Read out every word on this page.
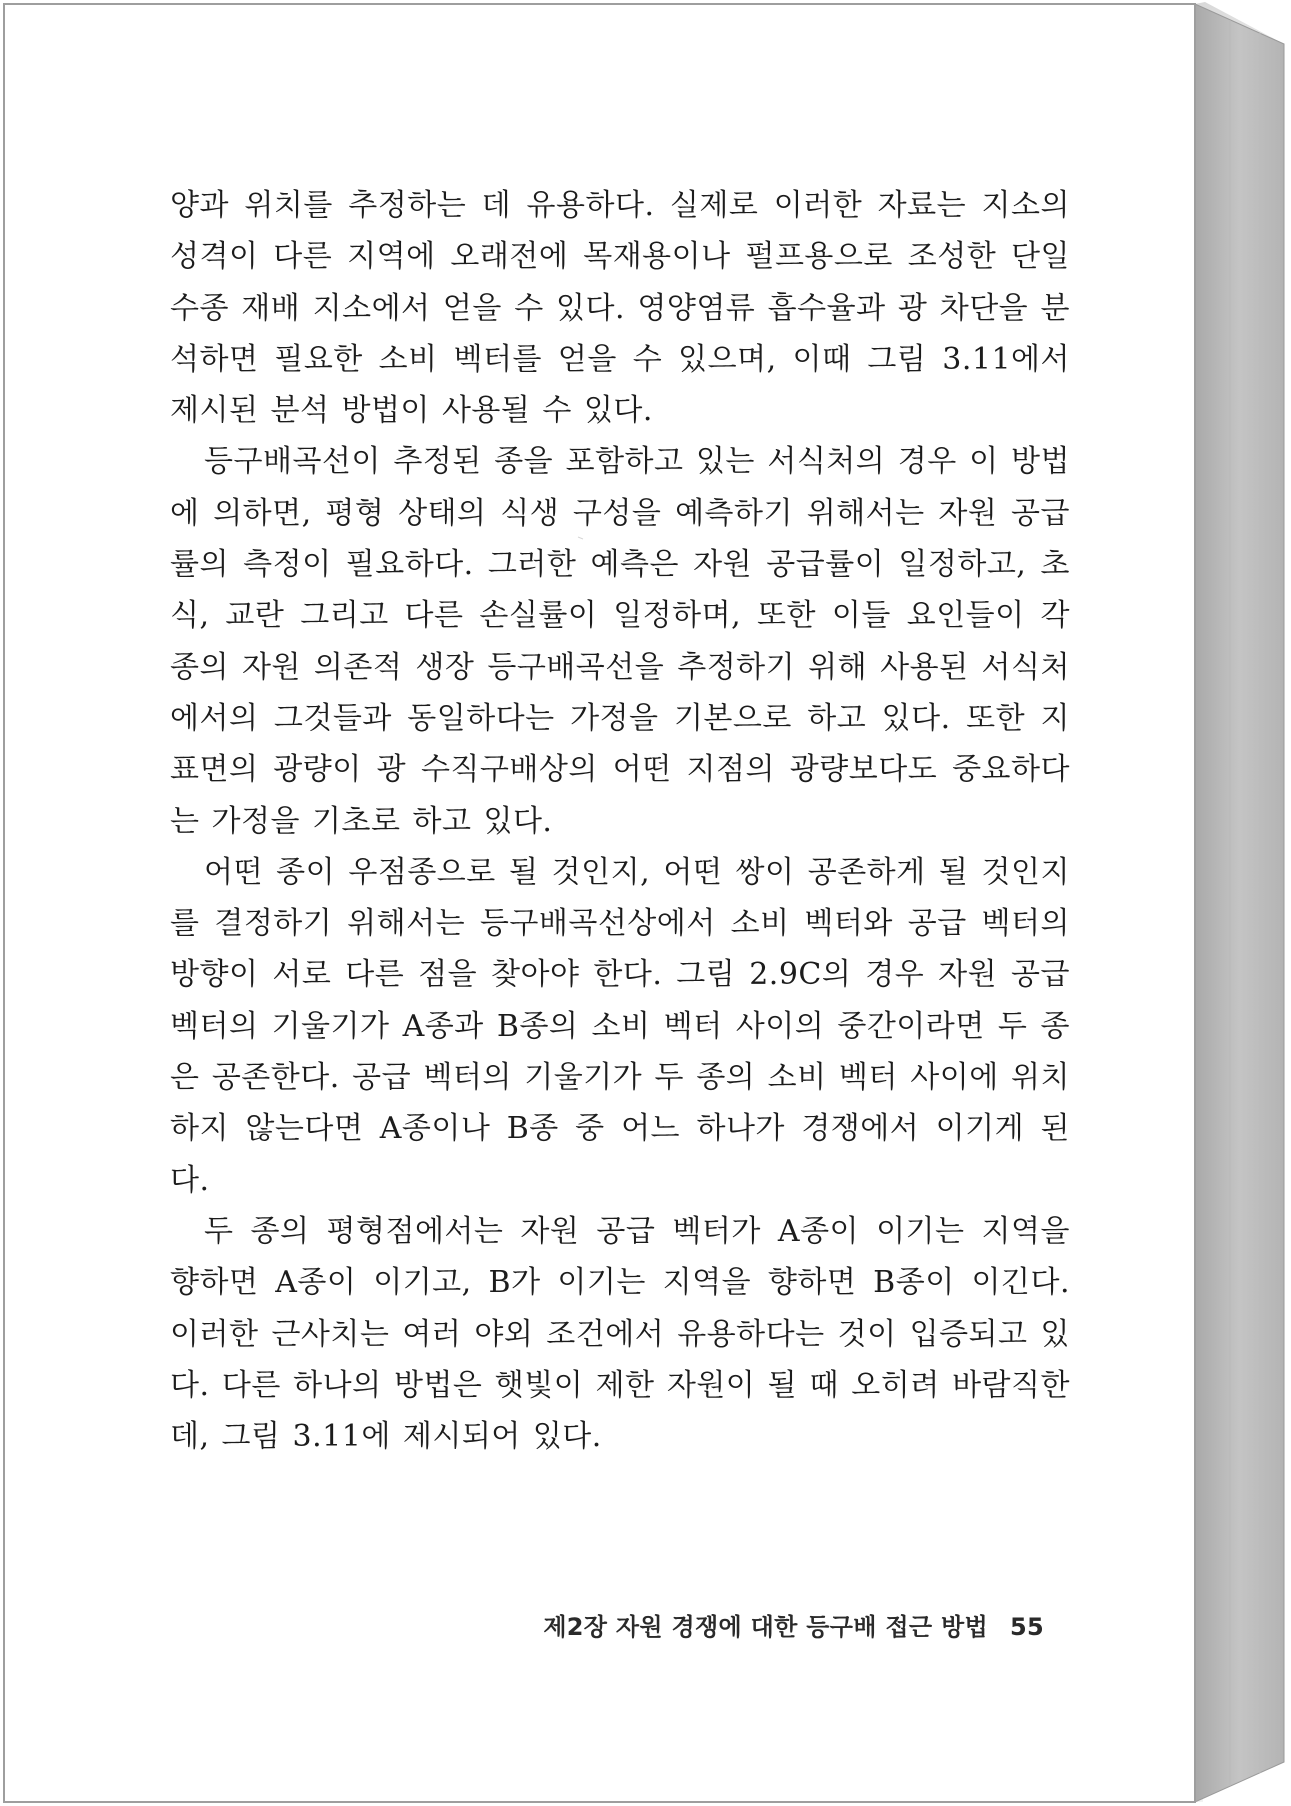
양과 위치를 추정하는 데 유용하다. 실제로 이러한 자료는 지소의 성격이 다른 지역에 오래전에 목재용이나 펄프용으로 조성한 단일 수종 재배 지소에서 얻을 수 있다. 영양염류 흡수율과 광 차단을 분석하면 필요한 소비 벡터를 얻을 수 있으며, 이때 그림 3.11에서 제시된 분석 방법이 사용될 수 있다.

등구배곡선이 추정된 종을 포함하고 있는 서식처의 경우 이 방법에 의하면, 평형 상태의 식생 구성을 예측하기 위해서는 자원 공급률의 측정이 필요하다. 그러한 예측은 자원 공급률이 일정하고, 초식, 교란 그리고 다른 손실률이 일정하며, 또한 이들 요인들이 각 종의 자원 의존적 생장 등구배곡선을 추정하기 위해 사용된 서식처에서의 그것들과 동일하다는 가정을 기본으로 하고 있다. 또한 지표면의 광량이 광 수직구배상의 어떤 지점의 광량보다도 중요하다는 가정을 기초로 하고 있다.

어떤 종이 우점종으로 될 것인지, 어떤 쌍이 공존하게 될 것인지를 결정하기 위해서는 등구배곡선상에서 소비 벡터와 공급 벡터의 방향이 서로 다른 점을 찾아야 한다. 그림 2.9C의 경우 자원 공급 벡터의 기울기가 A종과 B종의 소비 벡터 사이의 중간이라면 두 종은 공존한다. 공급 벡터의 기울기가 두 종의 소비 벡터 사이에 위치하지 않는다면 A종이나 B종 중 어느 하나가 경쟁에서 이기게 된다.

두 종의 평형점에서는 자원 공급 벡터가 A종이 이기는 지역을 향하면 A종이 이기고, B가 이기는 지역을 향하면 B종이 이긴다. 이러한 근사치는 여러 야외 조건에서 유용하다는 것이 입증되고 있다. 다른 하나의 방법은 햇빛이 제한 자원이 될 때 오히려 바람직한데, 그림 3.11에 제시되어 있다.

제2장 자원 경쟁에 대한 등구배 접근 방법 55
